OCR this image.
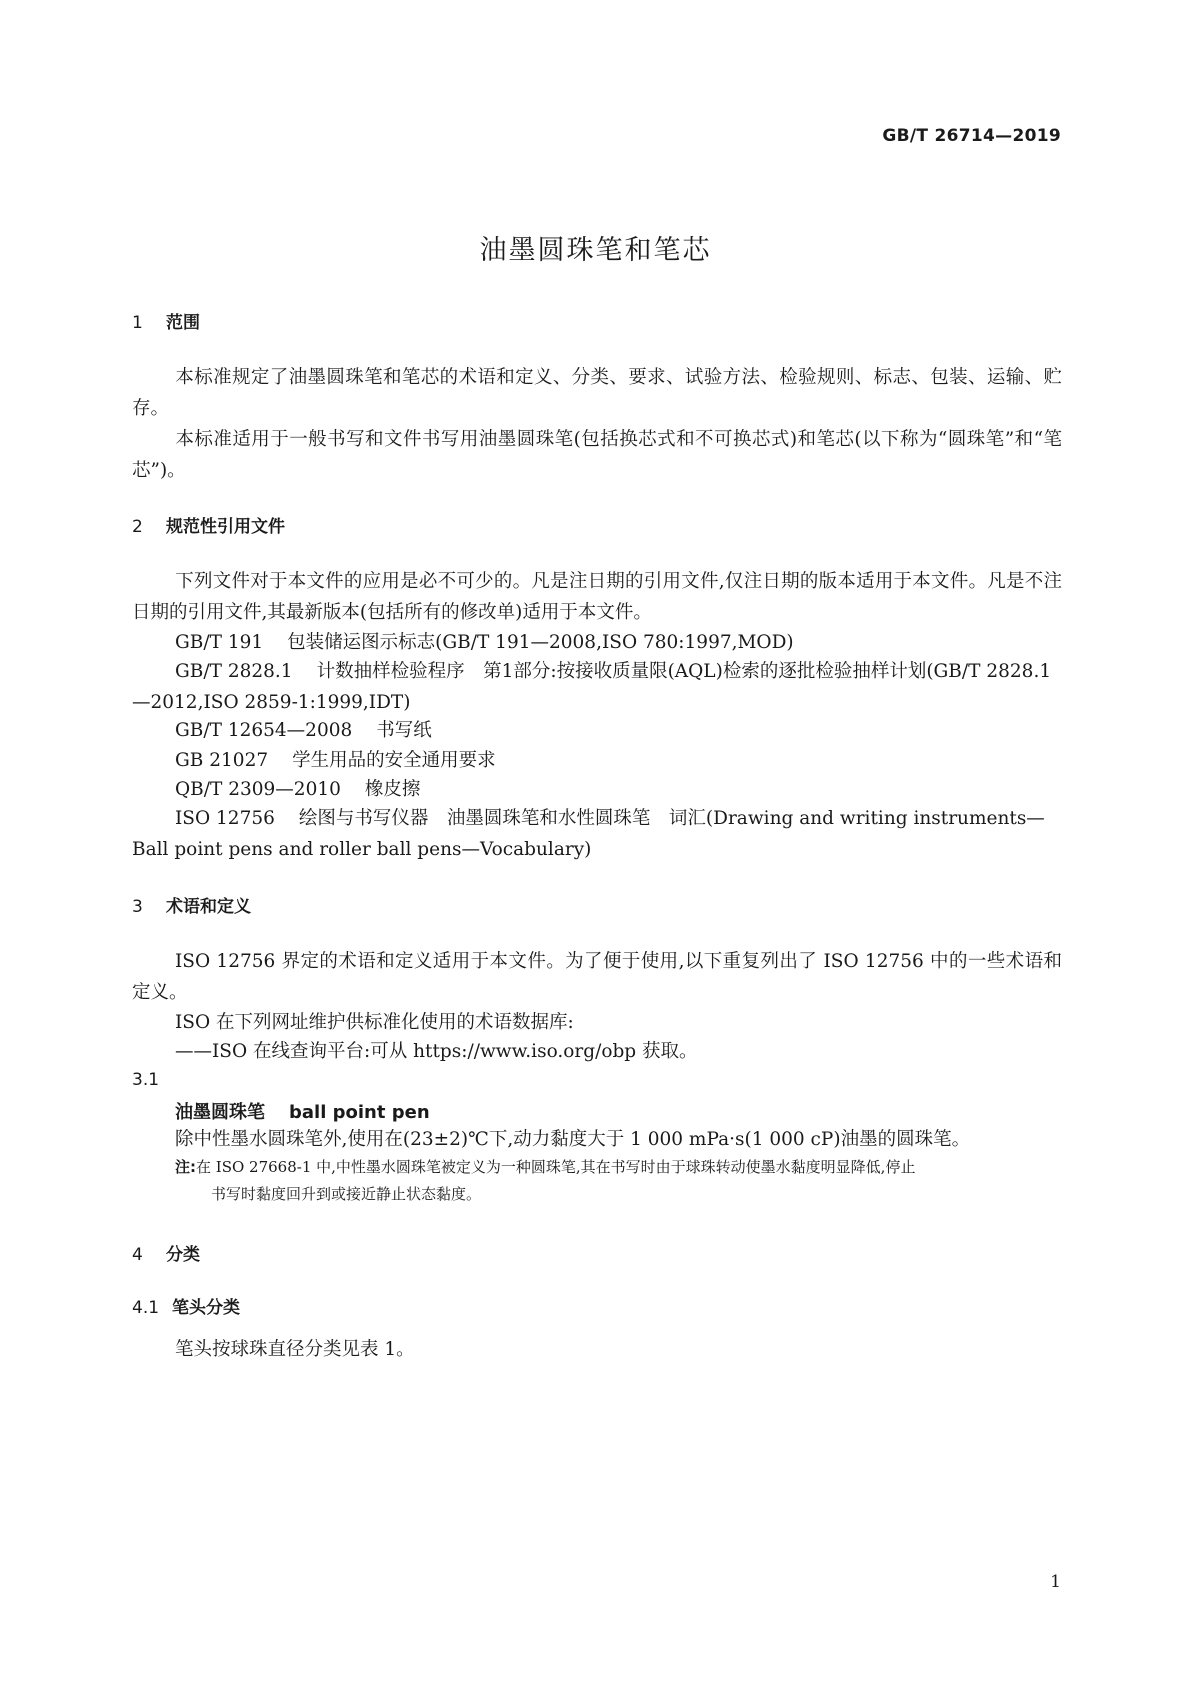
GB/T 26714—2019
油墨圆珠笔和笔芯
1 范围
本标准规定了油墨圆珠笔和笔芯的术语和定义、分类、要求、试验方法、检验规则、标志、包装、运输、贮存。
本标准适用于一般书写和文件书写用油墨圆珠笔(包括换芯式和不可换芯式)和笔芯(以下称为“圆珠笔”和“笔芯”)。
2 规范性引用文件
下列文件对于本文件的应用是必不可少的。凡是注日期的引用文件,仅注日期的版本适用于本文件。凡是不注日期的引用文件,其最新版本(包括所有的修改单)适用于本文件。
GB/T 191 包装储运图示标志(GB/T 191—2008,ISO 780:1997,MOD)
GB/T 2828.1 计数抽样检验程序　第1部分:按接收质量限(AQL)检索的逐批检验抽样计划(GB/T 2828.1—2012,ISO 2859-1:1999,IDT)
GB/T 12654—2008 书写纸
GB 21027 学生用品的安全通用要求
QB/T 2309—2010 橡皮擦
ISO 12756 绘图与书写仪器　油墨圆珠笔和水性圆珠笔　词汇(Drawing and writing instruments—Ball point pens and roller ball pens—Vocabulary)
3 术语和定义
ISO 12756 界定的术语和定义适用于本文件。为了便于使用,以下重复列出了 ISO 12756 中的一些术语和定义。
ISO 在下列网址维护供标准化使用的术语数据库:
——ISO 在线查询平台:可从 https://www.iso.org/obp 获取。
3.1
油墨圆珠笔 ball point pen
除中性墨水圆珠笔外,使用在(23±2)℃下,动力黏度大于 1 000 mPa·s(1 000 cP)油墨的圆珠笔。
注:在 ISO 27668-1 中,中性墨水圆珠笔被定义为一种圆珠笔,其在书写时由于球珠转动使墨水黏度明显降低,停止
书写时黏度回升到或接近静止状态黏度。
4 分类
4.1 笔头分类
笔头按球珠直径分类见表 1。
1
